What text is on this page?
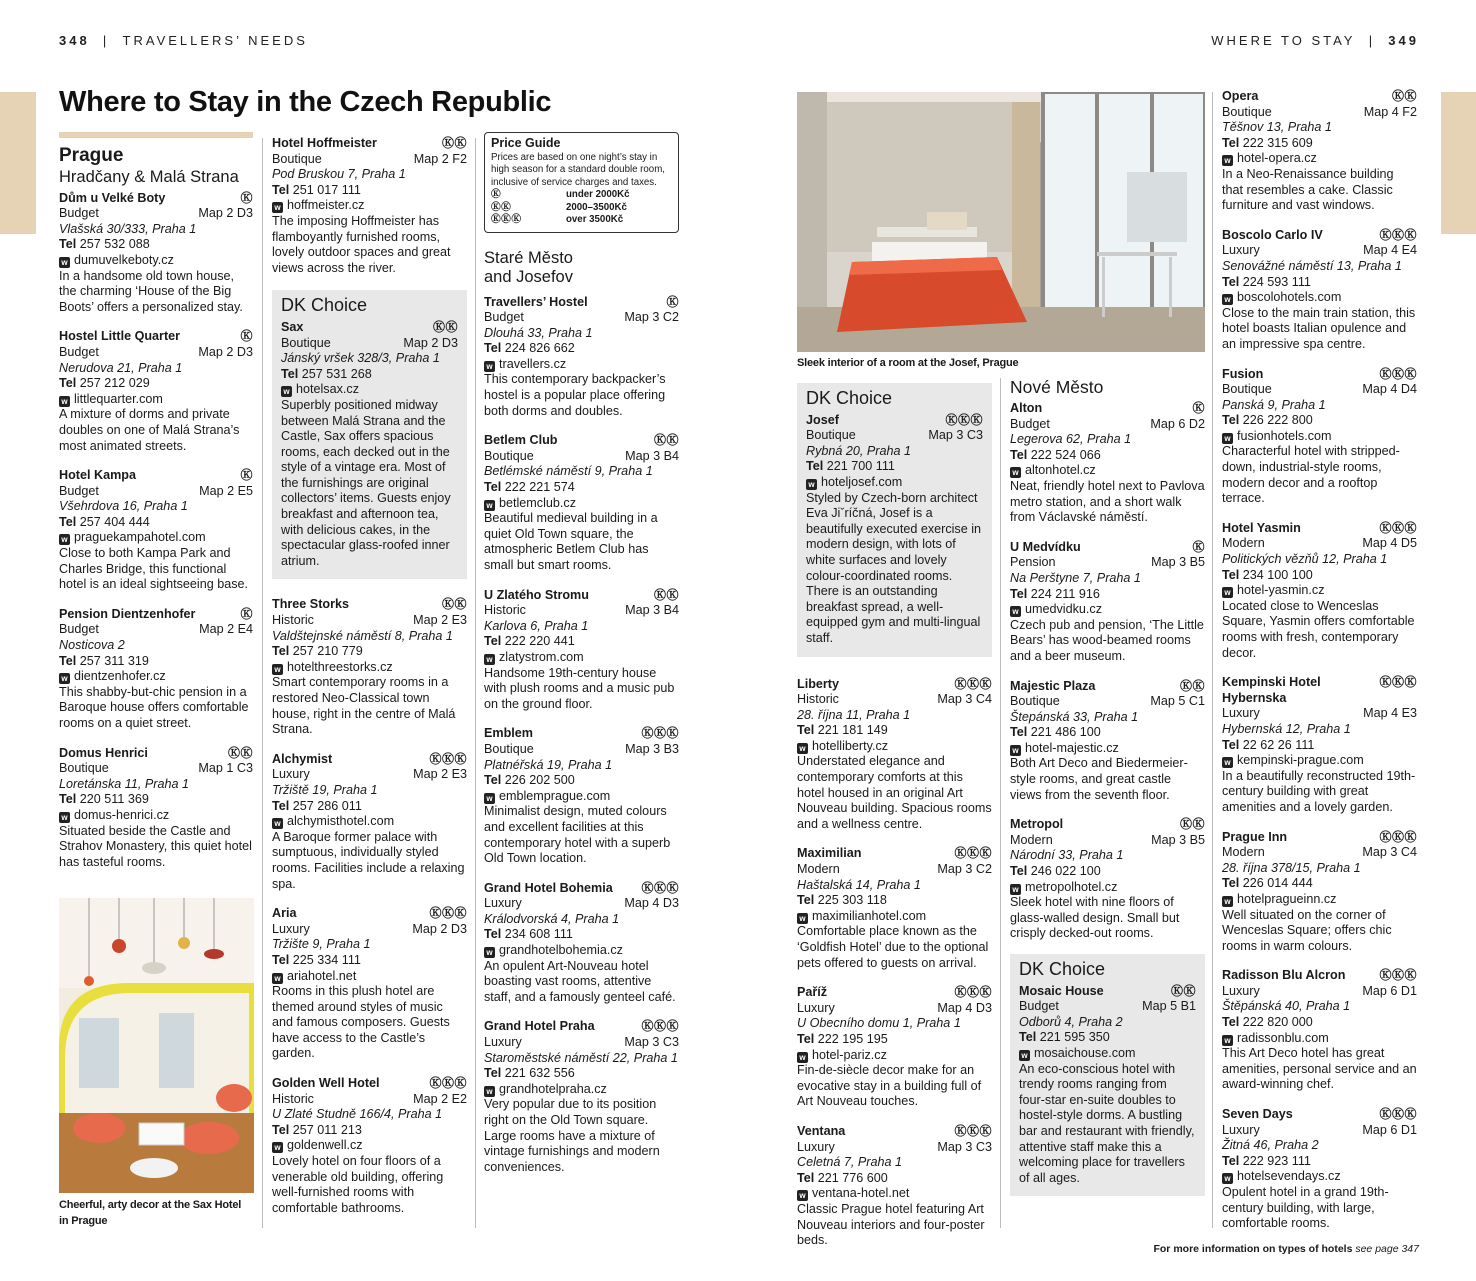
348  |  TRAVELLERS’ NEEDS	WHERE TO STAY  |  349
Where to Stay in the Czech Republic
Prague
Hradčany & Malá Strana
Dům u Velké Boty	Ⓚ
Budget	Map 2 D3
Vlašská 30/333, Praha 1
Tel 257 532 088
w dumuvelkeboty.cz
In a handsome old town house, the charming ‘House of the Big Boots’ offers a personalized stay.
Hostel Little Quarter	Ⓚ
Budget	Map 2 D3
Nerudova 21, Praha 1
Tel 257 212 029
w littlequarter.com
A mixture of dorms and private doubles on one of Malá Strana’s most animated streets.
Hotel Kampa	Ⓚ
Budget	Map 2 E5
Všehrdova 16, Praha 1
Tel 257 404 444
w praguekampahotel.com
Close to both Kampa Park and Charles Bridge, this functional hotel is an ideal sightseeing base.
Pension Dientzenhofer	Ⓚ
Budget	Map 2 E4
Nosticova 2
Tel 257 311 319
w dientzenhofer.cz
This shabby-but-chic pension in a Baroque house offers comfortable rooms on a quiet street.
Domus Henrici	ⓀⓀ
Boutique	Map 1 C3
Loretánska 11, Praha 1
Tel 220 511 369
w domus-henrici.cz
Situated beside the Castle and Strahov Monastery, this quiet hotel has tasteful rooms.
Cheerful, arty decor at the Sax Hotel in Prague
Hotel Hoffmeister	ⓀⓀ
Boutique	Map 2 F2
Pod Bruskou 7, Praha 1
Tel 251 017 111
w hoffmeister.cz
The imposing Hoffmeister has flamboyantly furnished rooms, lovely outdoor spaces and great views across the river.
DK Choice
Sax	ⓀⓀ
Boutique	Map 2 D3
Jánský vršek 328/3, Praha 1
Tel 257 531 268
w hotelsax.cz
Superbly positioned midway between Malá Strana and the Castle, Sax offers spacious rooms, each decked out in the style of a vintage era. Most of the furnishings are original collectors’ items. Guests enjoy breakfast and afternoon tea, with delicious cakes, in the spectacular glass-roofed inner atrium.
Three Storks	ⓀⓀ
Historic	Map 2 E3
Valdštejnské náměstí 8, Praha 1
Tel 257 210 779
w hotelthreestorks.cz
Smart contemporary rooms in a restored Neo-Classical town house, right in the centre of Malá Strana.
Alchymist	ⓀⓀⓀ
Luxury	Map 2 E3
Tržiště 19, Praha 1
Tel 257 286 011
w alchymisthotel.com
A Baroque former palace with sumptuous, individually styled rooms. Facilities include a relaxing spa.
Aria	ⓀⓀⓀ
Luxury	Map 2 D3
Tržište 9, Praha 1
Tel 225 334 111
w ariahotel.net
Rooms in this plush hotel are themed around styles of music and famous composers. Guests have access to the Castle’s garden.
Golden Well Hotel	ⓀⓀⓀ
Historic	Map 2 E2
U Zlaté Studně 166/4, Praha 1
Tel 257 011 213
w goldenwell.cz
Lovely hotel on four floors of a venerable old building, offering well-furnished rooms with comfortable bathrooms.
Price Guide
Prices are based on one night’s stay in high season for a standard double room, inclusive of service charges and taxes.
Ⓚ	under 2000Kč
ⓀⓀ	2000–3500Kč
ⓀⓀⓀ	over 3500Kč
Staré Město and Josefov
Travellers’ Hostel	Ⓚ
Budget	Map 3 C2
Dlouhá 33, Praha 1
Tel 224 826 662
w travellers.cz
This contemporary backpacker’s hostel is a popular place offering both dorms and doubles.
Betlem Club	ⓀⓀ
Boutique	Map 3 B4
Betlémské náměstí 9, Praha 1
Tel 222 221 574
w betlemclub.cz
Beautiful medieval building in a quiet Old Town square, the atmospheric Betlem Club has small but smart rooms.
U Zlatého Stromu	ⓀⓀ
Historic	Map 3 B4
Karlova 6, Praha 1
Tel 222 220 441
w zlatystrom.com
Handsome 19th-century house with plush rooms and a music pub on the ground floor.
Emblem	ⓀⓀⓀ
Boutique	Map 3 B3
Platnéřská 19, Praha 1
Tel 226 202 500
w emblemprague.com
Minimalist design, muted colours and excellent facilities at this contemporary hotel with a superb Old Town location.
Grand Hotel Bohemia ⓀⓀⓀ
Luxury	Map 4 D3
Králodvorská 4, Praha 1
Tel 234 608 111
w grandhotelbohemia.cz
An opulent Art-Nouveau hotel boasting vast rooms, attentive staff, and a famously genteel café.
Grand Hotel Praha	ⓀⓀⓀ
Luxury	Map 3 C3
Staroměstské náměstí 22, Praha 1
Tel 221 632 556
w grandhotelpraha.cz
Very popular due to its position right on the Old Town square. Large rooms have a mixture of vintage furnishings and modern conveniences.
Sleek interior of a room at the Josef, Prague
DK Choice
Josef	ⓀⓀⓀ
Boutique	Map 3 C3
Rybná 20, Praha 1
Tel 221 700 111
w hoteljosef.com
Styled by Czech-born architect Eva Jiˇríčná, Josef is a beautifully executed exercise in modern design, with lots of white surfaces and lovely colour-coordinated rooms. There is an outstanding breakfast spread, a well-equipped gym and multi-lingual staff.
Liberty	ⓀⓀⓀ
Historic	Map 3 C4
28. října 11, Praha 1
Tel 221 181 149
w hotelliberty.cz
Understated elegance and contemporary comforts at this hotel housed in an original Art Nouveau building. Spacious rooms and a wellness centre.
Maximilian	ⓀⓀⓀ
Modern	Map 3 C2
Haštalská 14, Praha 1
Tel 225 303 118
w maximilianhotel.com
Comfortable place known as the ‘Goldfish Hotel’ due to the optional pets offered to guests on arrival.
Paříž	ⓀⓀⓀ
Luxury	Map 4 D3
U Obecního domu 1, Praha 1
Tel 222 195 195
w hotel-pariz.cz
Fin-de-siècle decor make for an evocative stay in a building full of Art Nouveau touches.
Ventana	ⓀⓀⓀ
Luxury	Map 3 C3
Celetná 7, Praha 1
Tel 221 776 600
w ventana-hotel.net
Classic Prague hotel featuring Art Nouveau interiors and four-poster beds.
Nové Město
Alton	Ⓚ
Budget	Map 6 D2
Legerova 62, Praha 1
Tel 222 524 066
w altonhotel.cz
Neat, friendly hotel next to Pavlova metro station, and a short walk from Václavské náměstí.
U Medvídku	Ⓚ
Pension	Map 3 B5
Na Perštyne 7, Praha 1
Tel 224 211 916
w umedvidku.cz
Czech pub and pension, ‘The Little Bears’ has wood-beamed rooms and a beer museum.
Majestic Plaza	ⓀⓀ
Boutique	Map 5 C1
Štepánská 33, Praha 1
Tel 221 486 100
w hotel-majestic.cz
Both Art Deco and Biedermeier-style rooms, and great castle views from the seventh floor.
Metropol	ⓀⓀ
Modern	Map 3 B5
Národní 33, Praha 1
Tel 246 022 100
w metropolhotel.cz
Sleek hotel with nine floors of glass-walled design. Small but crisply decked-out rooms.
DK Choice
Mosaic House	ⓀⓀ
Budget	Map 5 B1
Odborů 4, Praha 2
Tel 221 595 350
w mosaichouse.com
An eco-conscious hotel with trendy rooms ranging from four-star en-suite doubles to hostel-style dorms. A bustling bar and restaurant with friendly, attentive staff make this a welcoming place for travellers of all ages.
Opera	ⓀⓀ
Boutique	Map 4 F2
Těšnov 13, Praha 1
Tel 222 315 609
w hotel-opera.cz
In a Neo-Renaissance building that resembles a cake. Classic furniture and vast windows.
Boscolo Carlo IV	ⓀⓀⓀ
Luxury	Map 4 E4
Senovážné náměstí 13, Praha 1
Tel 224 593 111
w boscolohotels.com
Close to the main train station, this hotel boasts Italian opulence and an impressive spa centre.
Fusion	ⓀⓀⓀ
Boutique	Map 4 D4
Panská 9, Praha 1
Tel 226 222 800
w fusionhotels.com
Characterful hotel with stripped-down, industrial-style rooms, modern decor and a rooftop terrace.
Hotel Yasmin	ⓀⓀⓀ
Modern	Map 4 D5
Politických vězňů 12, Praha 1
Tel 234 100 100
w hotel-yasmin.cz
Located close to Wenceslas Square, Yasmin offers comfortable rooms with fresh, contemporary decor.
Kempinski Hotel Hybernska
ⓀⓀⓀ
Luxury	Map 4 E3
Hybernská 12, Praha 1
Tel 22 62 26 111
w kempinski-prague.com
In a beautifully reconstructed 19th-century building with great amenities and a lovely garden.
Prague Inn	ⓀⓀⓀ
Modern	Map 3 C4
28. října 378/15, Praha 1
Tel 226 014 444
w hotelpragueinn.cz
Well situated on the corner of Wenceslas Square; offers chic rooms in warm colours.
Radisson Blu Alcron	ⓀⓀⓀ
Luxury	Map 6 D1
Štěpánská 40, Praha 1
Tel 222 820 000
w radissonblu.com
This Art Deco hotel has great amenities, personal service and an award-winning chef.
Seven Days	ⓀⓀⓀ
Luxury	Map 6 D1
Žitná 46, Praha 2
Tel 222 923 111
w hotelsevendays.cz
Opulent hotel in a grand 19th-century building, with large, comfortable rooms.
For more information on types of hotels see page 347
